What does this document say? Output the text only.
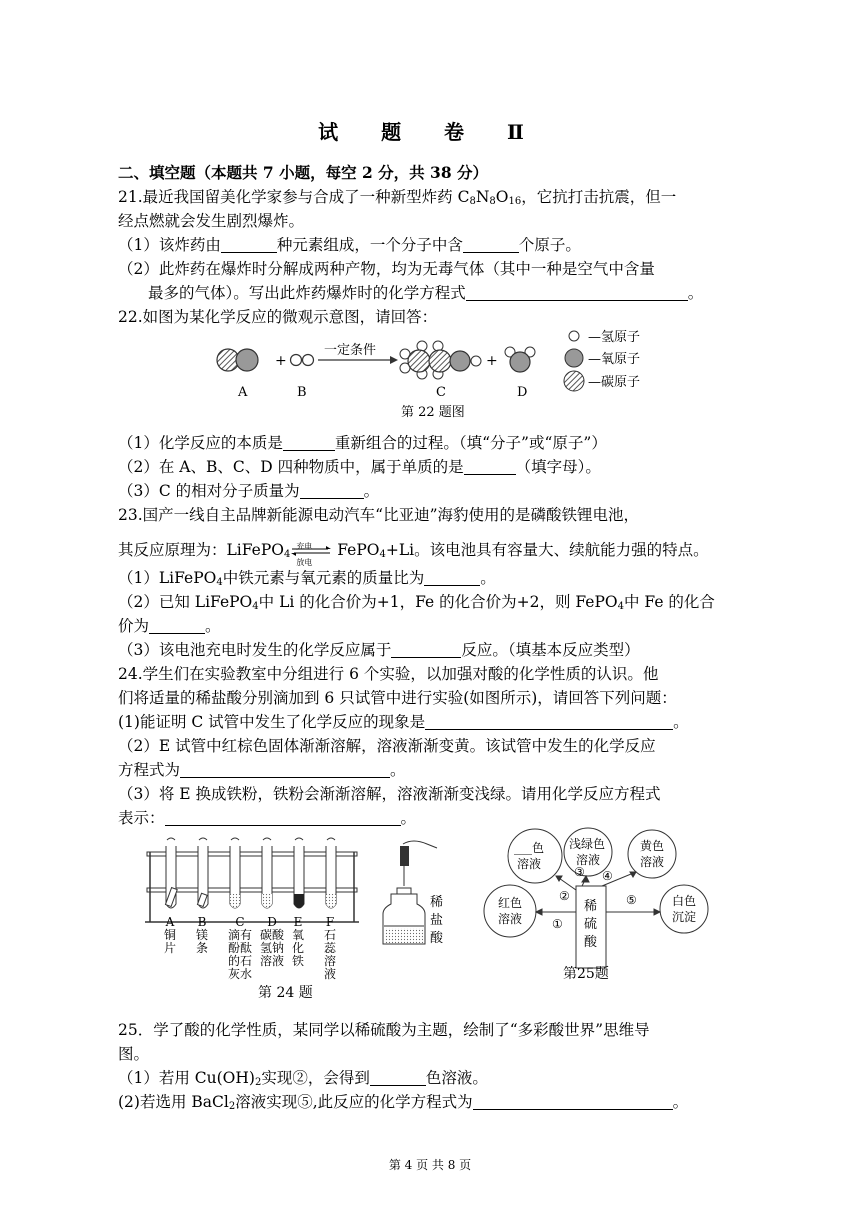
试 题 卷 Ⅱ
二、填空题（本题共 7 小题，每空 2 分，共 38 分）
21.最近我国留美化学家参与合成了一种新型炸药 $C_8N_8O_{16}$，它抗打击抗震，但一
经点燃就会发生剧烈爆炸。
（1）该炸药由	种元素组成，一个分子中含	个原子。
（2）此炸药在爆炸时分解成两种产物，均为无毒气体（其中一种是空气中含量
最多的气体）。写出此炸药爆炸时的化学方程式	。
22.如图为某化学反应的微观示意图，请回答：
+
一定条件
+
A	B	C	D
第 22 题图
—氢原子
—氧原子
—碳原子
（1）化学反应的本质是	重新组合的过程。（填“分子”或“原子”）
（2）在 A、B、C、D 四种物质中，属于单质的是	（填字母）。
（3）C 的相对分子质量为	。
23.国产一线自主品牌新能源电动汽车“比亚迪”海豹使用的是磷酸铁锂电池，
其反应原理为：LiFePO$_4$
充电
放电
FePO$_4$+Li。该电池具有容量大、续航能力强的特点。
（1）LiFePO$_4$中铁元素与氧元素的质量比为	。
（2）已知 LiFePO$_4$中 Li 的化合价为+1，Fe 的化合价为+2，则 FePO$_4$中 Fe 的化合
价为	。
（3）该电池充电时发生的化学反应属于	反应。（填基本反应类型）
24.学生们在实验教室中分组进行 6 个实验，以加强对酸的化学性质的认识。他
们将适量的稀盐酸分别滴加到 6 只试管中进行实验(如图所示)，请回答下列问题：
(1)能证明 C 试管中发生了化学反应的现象是	。
（2）E 试管中红棕色固体渐渐溶解，溶液渐渐变黄。该试管中发生的化学反应
方程式为	。
（3）将 E 换成铁粉，铁粉会渐渐溶解，溶液渐渐变浅绿。请用化学反应方程式
表示：	。
稀
盐
酸
A
铜
片
B
镁
条
C
滴有
酚酞
的石
灰水
D
碳酸
氢钠
溶液
E
氧
化
铁
F
石
蕊
溶
液
第 24 题
稀
硫
酸
___色
溶液
浅绿色
溶液
黄色
溶液
红色
溶液
白色
沉淀
②
③ ④
①
⑤
第25题
25．学了酸的化学性质，某同学以稀硫酸为主题，绘制了“多彩酸世界”思维导
图。
（1）若用 $Cu(OH)_2$实现②，会得到	色溶液。
(2)若选用 BaCl$_2$溶液实现⑤,此反应的化学方程式为	。
第 4 页 共 8 页
